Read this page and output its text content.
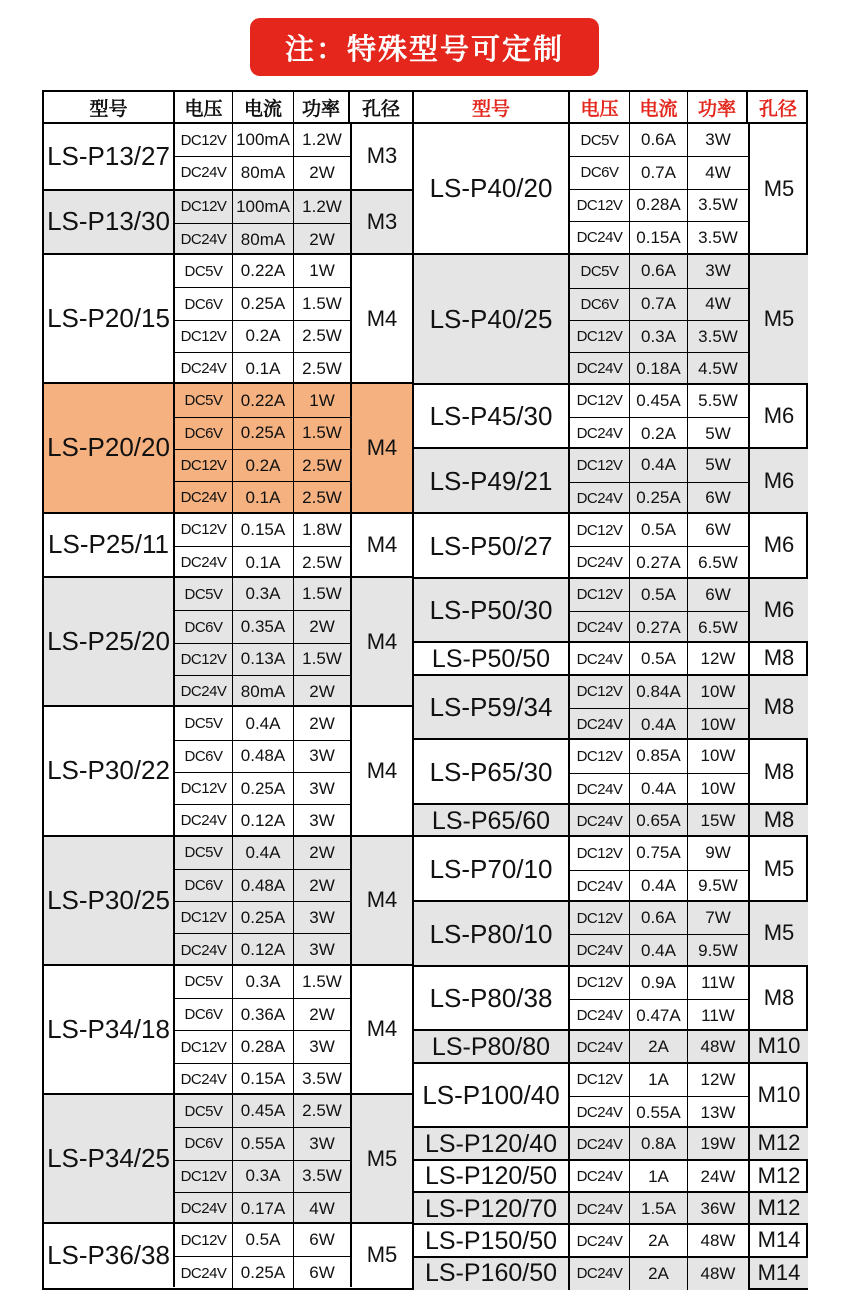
注：特殊型号可定制
型号	电压	电流	功率	孔径
LS-P13/27
DC12V 100mA 1.2W
DC24V 80mA	2W
M3
LS-P13/30 DC12V 100mA 1.2W
DC24V 80mA	2W
M3
LS-P20/15
DC5V	0.22A	1W
DC6V	0.25A 1.5W
DC12V	0.2A	2.5W
DC24V	0.1A	2.5W
M4
LS-P20/20
DC5V	0.22A	1W
DC6V	0.25A 1.5W
DC12V	0.2A	2.5W
DC24V	0.1A	2.5W
M4
LS-P25/11 DC12V 0.15A 1.8W
DC24V	0.1A	2.5W
M4
LS-P25/20
DC5V	0.3A	1.5W
DC6V	0.35A	2W
DC12V 0.13A 1.5W
DC24V 80mA	2W
M4
LS-P30/22
DC5V	0.4A	2W
DC6V	0.48A	3W
DC12V 0.25A	3W
DC24V 0.12A	3W
M4
LS-P30/25
DC5V	0.4A	2W
DC6V	0.48A	2W
DC12V 0.25A	3W
DC24V 0.12A	3W
M4
LS-P34/18
DC5V	0.3A	1.5W
DC6V	0.36A	2W
DC12V 0.28A	3W
DC24V 0.15A 3.5W
M4
LS-P34/25
DC5V	0.45A 2.5W
DC6V	0.55A	3W
DC12V	0.3A	3.5W
DC24V 0.17A	4W
M5
LS-P36/38 DC12V	0.5A	6W
DC24V 0.25A	6W
M5
型号	电压	电流	功率	孔径
LS-P40/20
DC5V	0.6A	3W
DC6V	0.7A	4W
DC12V 0.28A	3.5W
DC24V 0.15A	3.5W
M5
LS-P40/25
DC5V	0.6A	3W
DC6V	0.7A	4W
DC12V	0.3A	3.5W
DC24V 0.18A	4.5W
M5
LS-P45/30
DC12V 0.45A	5.5W
DC24V	0.2A	5W
M6
LS-P49/21
DC12V	0.4A	5W
DC24V 0.25A	6W
M6
LS-P50/27
DC12V	0.5A	6W
DC24V 0.27A	6.5W
M6
LS-P50/30
DC12V	0.5A	6W
DC24V 0.27A	6.5W
M6
LS-P50/50	DC24V	0.5A	12W	M8
LS-P59/34
DC12V 0.84A	10W
DC24V	0.4A	10W
M8
LS-P65/30
DC12V 0.85A	10W
DC24V	0.4A	10W
M8
LS-P65/60	DC24V 0.65A	15W	M8
LS-P70/10
DC12V 0.75A	9W
DC24V	0.4A	9.5W
M5
LS-P80/10
DC12V	0.6A	7W
DC24V	0.4A	9.5W
M5
LS-P80/38
DC12V	0.9A	11W
DC24V 0.47A	11W
M8
LS-P80/80	DC24V	2A	48W	M10
LS-P100/40
DC12V	1A	12W
DC24V 0.55A	13W
M10
LS-P120/40	DC24V	0.8A	19W	M12
LS-P120/50	DC24V	1A	24W	M12
LS-P120/70	DC24V	1.5A	36W	M12
LS-P150/50	DC24V	2A	48W	M14
LS-P160/50	DC24V	2A	48W	M14
